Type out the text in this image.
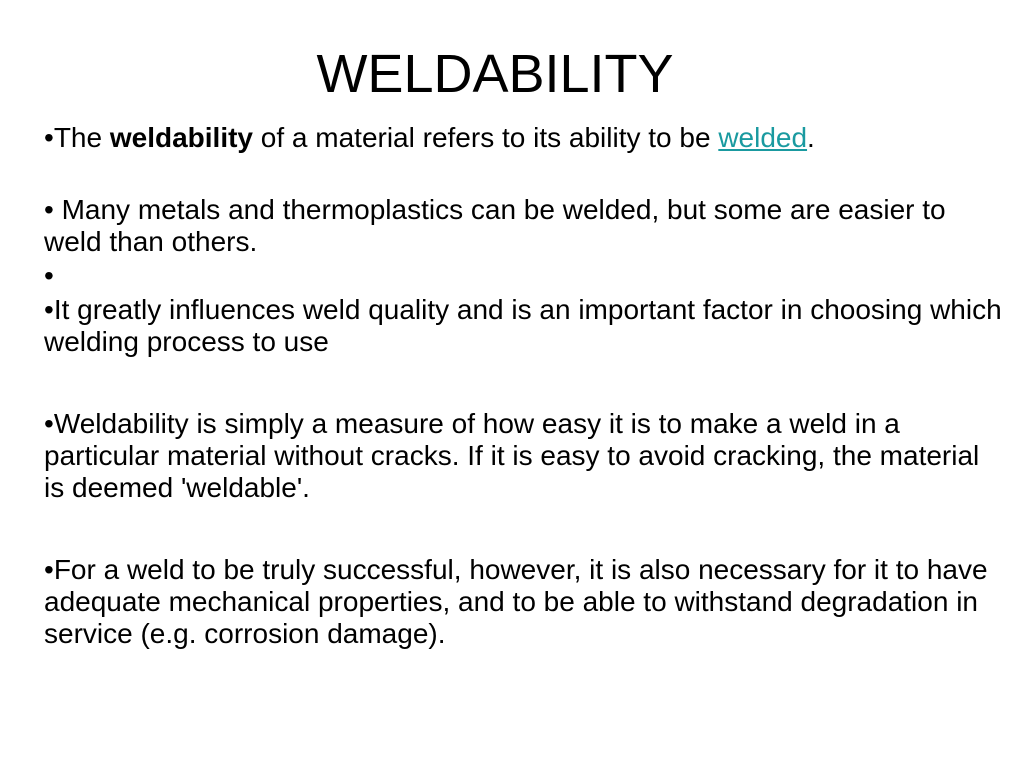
WELDABILITY

•The weldability of a material refers to its ability to be welded.

• Many metals and thermoplastics can be welded, but some are easier to weld than others.

•

•It greatly influences weld quality and is an important factor in choosing which welding process to use

•Weldability is simply a measure of how easy it is to make a weld in a particular material without cracks. If it is easy to avoid cracking, the material is deemed 'weldable'.

•For a weld to be truly successful, however, it is also necessary for it to have adequate mechanical properties, and to be able to withstand degradation in service (e.g. corrosion damage).
